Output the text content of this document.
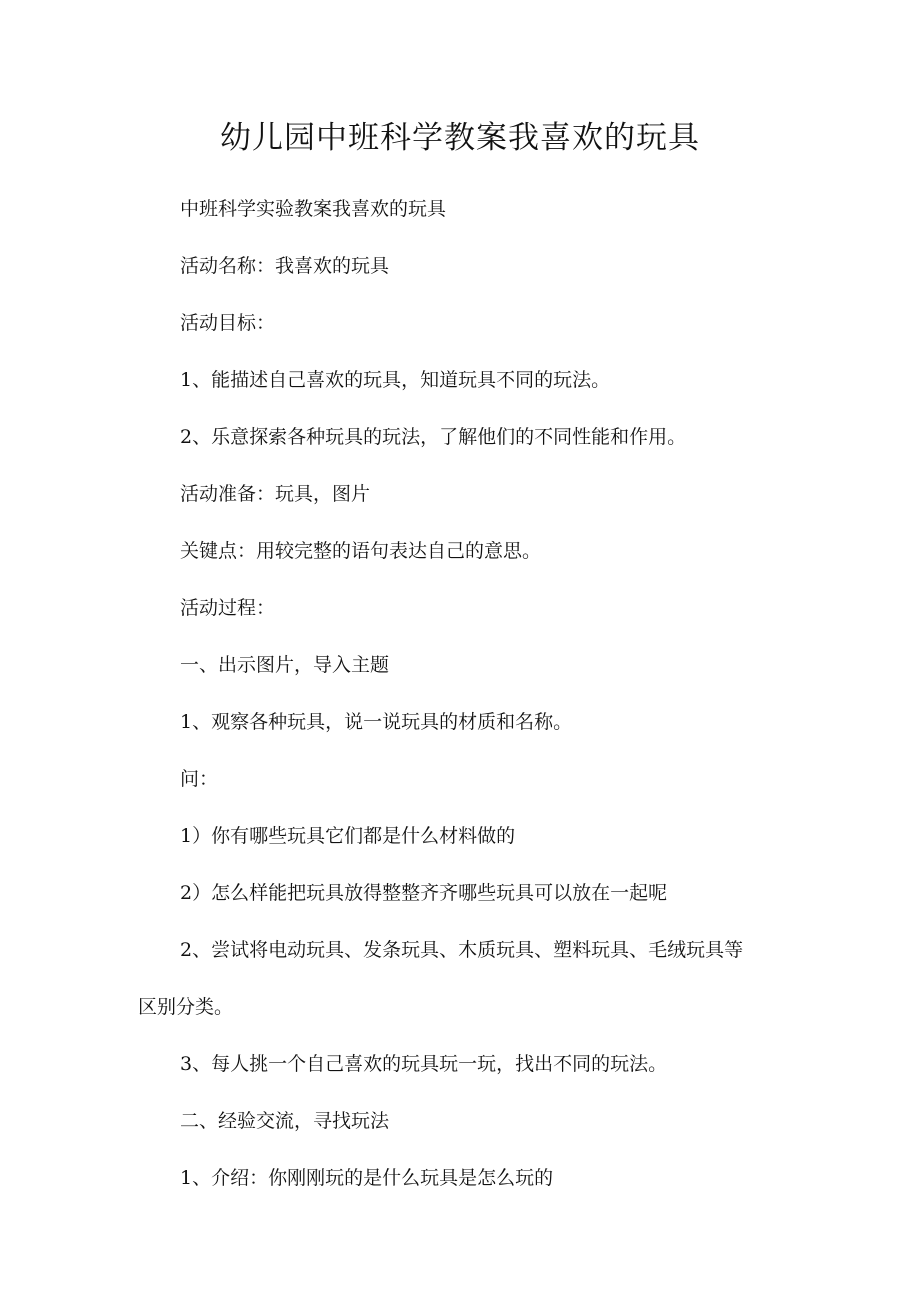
幼儿园中班科学教案我喜欢的玩具

中班科学实验教案我喜欢的玩具

活动名称：我喜欢的玩具

活动目标：

1、能描述自己喜欢的玩具，知道玩具不同的玩法。

2、乐意探索各种玩具的玩法，了解他们的不同性能和作用。

活动准备：玩具，图片

关键点：用较完整的语句表达自己的意思。

活动过程：

一、出示图片，导入主题

1、观察各种玩具，说一说玩具的材质和名称。

问：

1）你有哪些玩具它们都是什么材料做的

2）怎么样能把玩具放得整整齐齐哪些玩具可以放在一起呢

2、尝试将电动玩具、发条玩具、木质玩具、塑料玩具、毛绒玩具等

区别分类。

3、每人挑一个自己喜欢的玩具玩一玩，找出不同的玩法。

二、经验交流，寻找玩法

1、介绍：你刚刚玩的是什么玩具是怎么玩的
